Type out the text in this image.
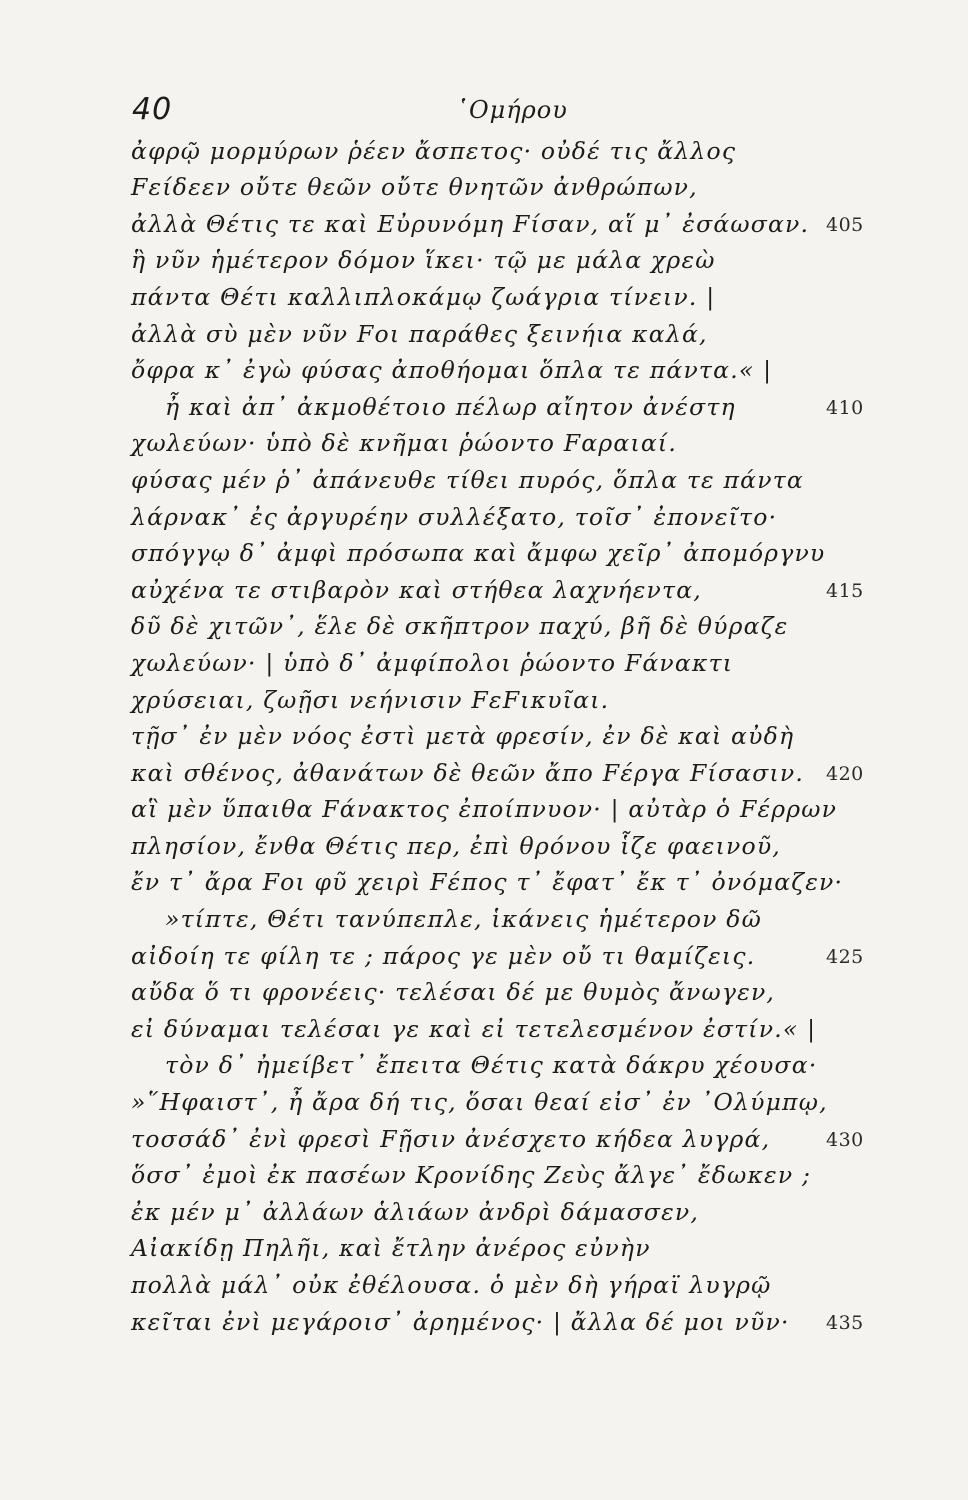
40	῾Ομήρου
ἀφρῷ μορμύρων ῥέεν ἄσπετος· οὐδέ τις ἄλλος
Fείδεεν οὔτε θεῶν οὔτε θνητῶν ἀνθρώπων,
ἀλλὰ Θέτις τε καὶ Εὐρυνόμη Fίσαν, αἵ μ᾽ ἐσάωσαν. 405
ἣ νῦν ἡμέτερον δόμον ἵκει· τῷ με μάλα χρεὼ
πάντα Θέτι καλλιπλοκάμῳ ζωάγρια τίνειν. |
ἀλλὰ σὺ μὲν νῦν Fοι παράθες ξεινήια καλά,
ὄφρα κ᾽ ἐγὼ φύσας ἀποθήομαι ὅπλα τε πάντα.« |
ἦ καὶ ἀπ᾽ ἀκμοθέτοιο πέλωρ αἴητον ἀνέστη	410
χωλεύων· ὑπὸ δὲ κνῆμαι ῥώοντο Fαραιαί.
φύσας μέν ῥ᾽ ἀπάνευθε τίθει πυρός, ὅπλα τε πάντα
λάρνακ᾽ ἐς ἀργυρέην συλλέξατο, τοῖσ᾽ ἐπονεῖτο·
σπόγγῳ δ᾽ ἀμφὶ πρόσωπα καὶ ἄμφω χεῖρ᾽ ἀπομόργνυ
αὐχένα τε στιβαρὸν καὶ στήθεα λαχνήεντα,	415
δῦ δὲ χιτῶν᾽, ἕλε δὲ σκῆπτρον παχύ, βῆ δὲ θύραζε
χωλεύων· | ὑπὸ δ᾽ ἀμφίπολοι ῥώοντο Fάνακτι
χρύσειαι, ζωῇσι νεήνισιν FεFικυῖαι.
τῇσ᾽ ἐν μὲν νόος ἐστὶ μετὰ φρεσίν, ἐν δὲ καὶ αὐδὴ
καὶ σθένος, ἀθανάτων δὲ θεῶν ἄπο Fέργα Fίσασιν. 420
αἳ μὲν ὕπαιθα Fάνακτος ἐποίπνυον· | αὐτὰρ ὁ Fέρρων
πλησίον, ἔνθα Θέτις περ, ἐπὶ θρόνου ἷζε φαεινοῦ,
ἔν τ᾽ ἄρα Fοι φῦ χειρὶ Fέπος τ᾽ ἔφατ᾽ ἔκ τ᾽ ὀνόμαζεν·
»τίπτε, Θέτι τανύπεπλε, ἱκάνεις ἡμέτερον δῶ
αἰδοίη τε φίλη τε ; πάρος γε μὲν οὔ τι θαμίζεις.	425
αὔδα ὅ τι φρονέεις· τελέσαι δέ με θυμὸς ἄνωγεν,
εἰ δύναμαι τελέσαι γε καὶ εἰ τετελεσμένον ἐστίν.« |
τὸν δ᾽ ἠμείβετ᾽ ἔπειτα Θέτις κατὰ δάκρυ χέουσα·
»῞Ηφαιστ᾽, ἦ ἄρα δή τις, ὅσαι θεαί εἰσ᾽ ἐν ᾿Ολύμπῳ,
τοσσάδ᾽ ἐνὶ φρεσὶ Fῇσιν ἀνέσχετο κήδεα λυγρά,	430
ὅσσ᾽ ἐμοὶ ἐκ πασέων Κρονίδης Ζεὺς ἄλγε᾽ ἔδωκεν ;
ἐκ μέν μ᾽ ἀλλάων ἁλιάων ἀνδρὶ δάμασσεν,
Αἰακίδῃ Πηλῆι, καὶ ἔτλην ἀνέρος εὐνὴν
πολλὰ μάλ᾽ οὐκ ἐθέλουσα. ὁ μὲν δὴ γήραϊ λυγρῷ
κεῖται ἐνὶ μεγάροισ᾽ ἀρημένος· | ἄλλα δέ μοι νῦν· 435
